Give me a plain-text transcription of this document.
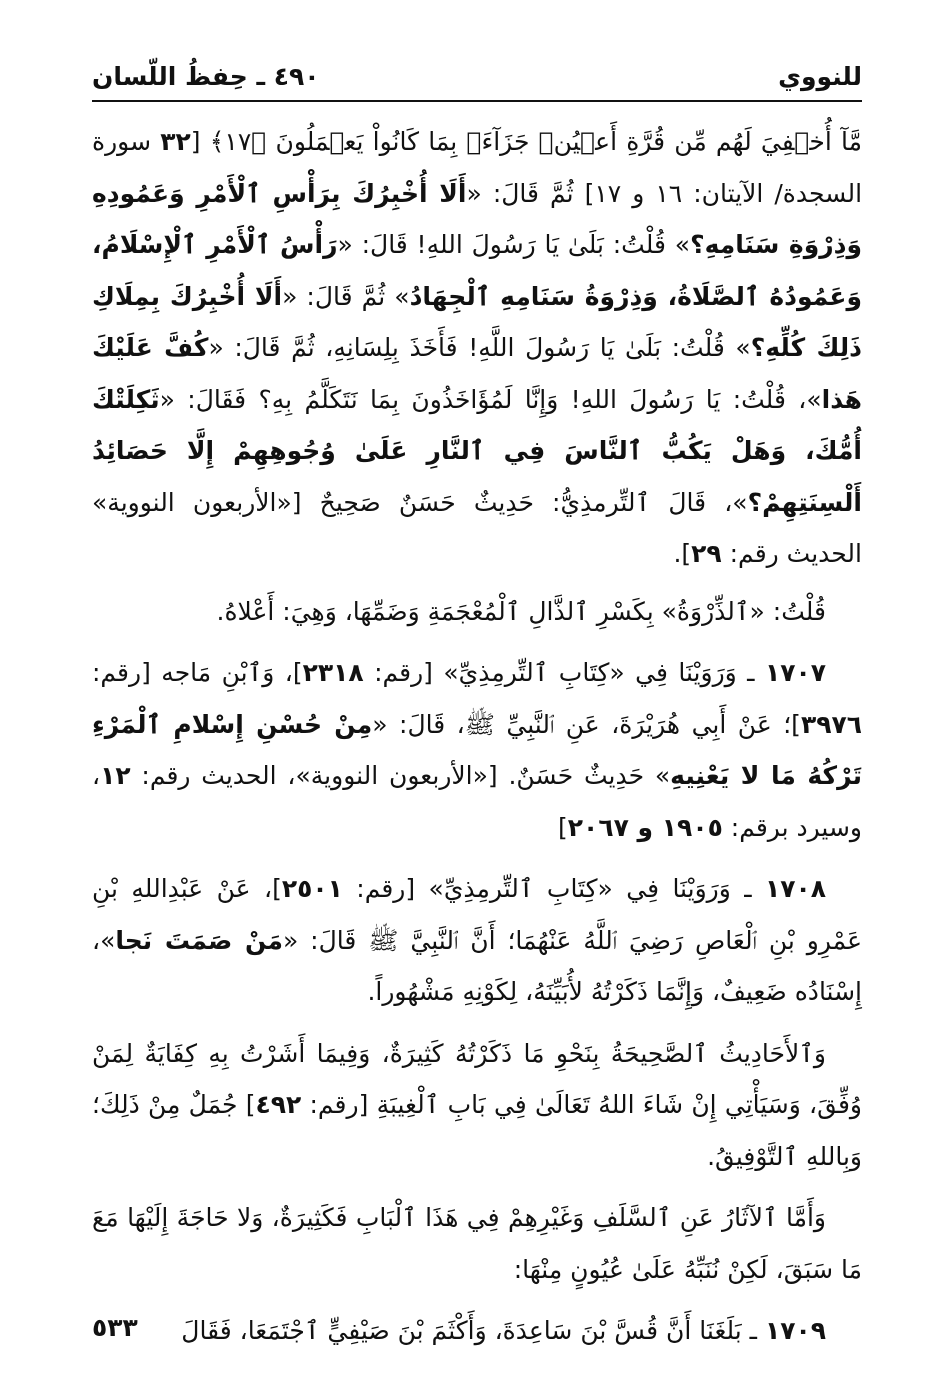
للنووي
٤٩٠ ـ حِفظُ اللّسان

مَّآ أُخۡفِيَ لَهُم مِّن قُرَّةِ أَعۡيُنٖ جَزَآءَۢ بِمَا كَانُواْ يَعۡمَلُونَ ﴿١٧﴾ [٣٢ سورة السجدة/ الآيتان: ١٦ و ١٧] ثُمَّ قَالَ: «أَلَا أُخْبِرُكَ بِرَأْسِ ٱلْأَمْرِ وَعَمُودِهِ وَذِرْوَةِ سَنَامِهِ؟» قُلْتُ: بَلَىٰ يَا رَسُولَ اللهِ! قَالَ: «رَأْسُ ٱلْأَمْرِ ٱلْإِسْلَامُ، وَعَمُودُهُ ٱلصَّلَاةُ، وَذِرْوَةُ سَنَامِهِ ٱلْجِهَادُ» ثُمَّ قَالَ: «أَلَا أُخْبِرُكَ بِمِلَاكِ ذَلِكَ كُلِّهِ؟» قُلْتُ: بَلَىٰ يَا رَسُولَ اللَّهِ! فَأَخَذَ بِلِسَانِهِ، ثُمَّ قَالَ: «كُفَّ عَلَيْكَ هَذا»، قُلْتُ: يَا رَسُولَ اللهِ! وَإِنَّا لَمُؤَاخَذُونَ بِمَا نَتَكَلَّمُ بِهِ؟ فَقَالَ: «ثَكِلَتْكَ أُمُّكَ، وَهَلْ يَكُبُّ ٱلنَّاسَ فِي ٱلنَّارِ عَلَىٰ وُجُوهِهِمْ إِلَّا حَصَائِدُ أَلْسِنَتِهِمْ؟»، قَالَ ٱلتِّرمذِيُّ: حَدِيثٌ حَسَنٌ صَحِيحٌ [«الأربعون النووية» الحديث رقم: ٢٩].

قُلْتُ: «ٱلذِّرْوَةُ» بِكَسْرِ ٱلذَّالِ ٱلْمُعْجَمَةِ وَضَمِّهَا، وَهِيَ: أَعْلاهُ.

١٧٠٧ ـ وَرَوَيْنَا فِي «كِتَابِ ٱلتِّرمِذِيِّ» [رقم: ٢٣١٨]، وَٱبْنِ مَاجه [رقم: ٣٩٧٦]؛ عَنْ أَبِي هُرَيْرَةَ، عَنِ ٱلنَّبِيِّ ﷺ، قَالَ: «مِنْ حُسْنِ إِسْلامِ ٱلْمَرْءِ تَرْكُهُ مَا لا يَعْنِيهِ» حَدِيثٌ حَسَنٌ. [«الأربعون النووية»، الحديث رقم: ١٢، وسيرد برقم: ١٩٠٥ و ٢٠٦٧]

١٧٠٨ ـ وَرَوَيْنَا فِي «كِتَابِ ٱلتِّرمِذِيِّ» [رقم: ٢٥٠١]، عَنْ عَبْدِاللهِ بْنِ عَمْرِو بْنِ ٱلْعَاصِ رَضِيَ ٱللَّهُ عَنْهُمَا؛ أَنَّ ٱلنَّبِيَّ ﷺ قَالَ: «مَنْ صَمَتَ نَجا»، إِسْنَادُه ضَعِيفٌ، وَإِنَّمَا ذَكَرْتُهُ لأُبَيِّنَهُ، لِكَوْنِهِ مَشْهُوراً.

وَٱلأَحَادِيثُ ٱلصَّحِيحَةُ بِنَحْوِ مَا ذَكَرْتُهُ كَثِيرَةٌ، وَفِيمَا أَشَرْتُ بِهِ كِفَايَةٌ لِمَنْ وُفِّقَ، وَسَيَأْتِي إِنْ شَاءَ اللهُ تَعَالَىٰ فِي بَابِ ٱلْغِيبَةِ [رقم: ٤٩٢] جُمَلٌ مِنْ ذَلِكَ؛ وَبِاللهِ ٱلتَّوْفِيقُ.

وَأَمَّا ٱلآثَارُ عَنِ ٱلسَّلَفِ وَغَيْرِهِمْ فِي هَذَا ٱلْبَابِ فَكَثِيرَةٌ، وَلا حَاجَةَ إِلَيْهَا مَعَ مَا سَبَقَ، لَكِنْ نُنَبِّهُ عَلَىٰ عُيُونٍ مِنْهَا:

١٧٠٩ ـ بَلَغَنَا أَنَّ قُسَّ بْنَ سَاعِدَةَ، وَأَكْثَمَ بْنَ صَيْفِيٍّ ٱجْتَمَعَا، فَقَالَ

٥٣٣
